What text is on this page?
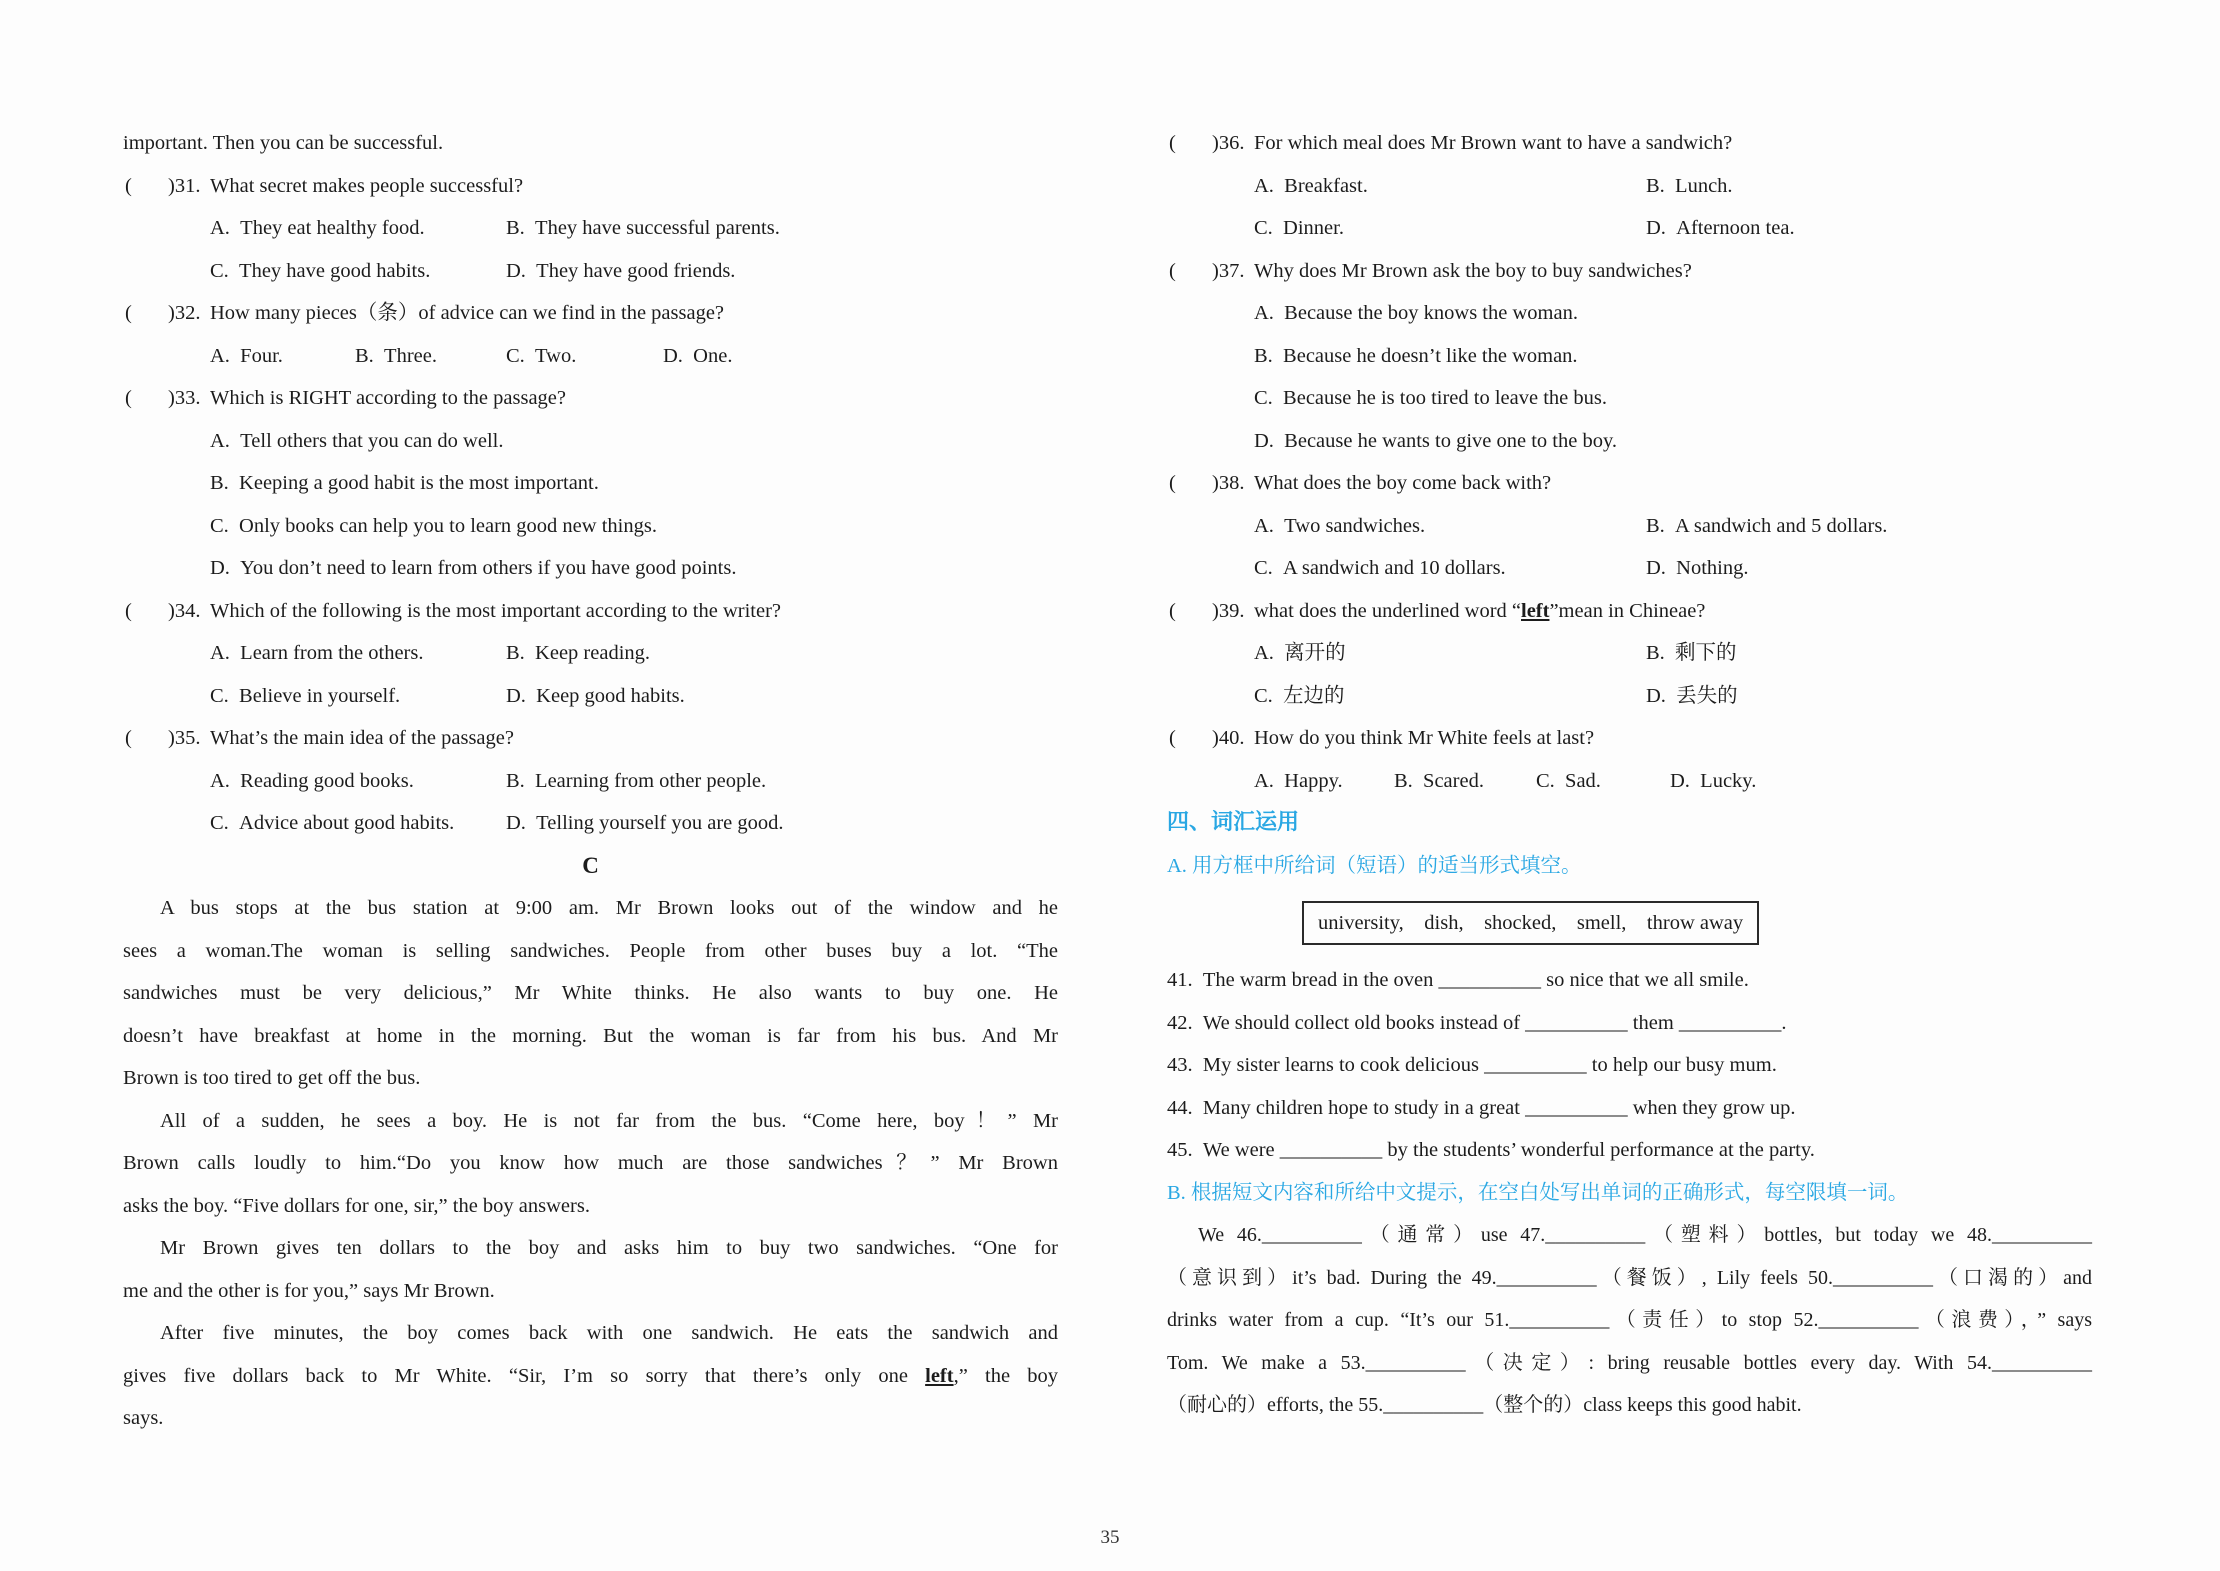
important. Then you can be successful.
(	)31. What secret makes people successful?
A. They eat healthy food.	B. They have successful parents.
C. They have good habits.	D. They have good friends.
(	)32. How many pieces（条）of advice can we find in the passage?
A. Four.	B. Three.	C. Two.	D. One.
(	)33. Which is RIGHT according to the passage?
A. Tell others that you can do well.
B. Keeping a good habit is the most important.
C. Only books can help you to learn good new things.
D. You don’t need to learn from others if you have good points.
(	)34. Which of the following is the most important according to the writer?
A. Learn from the others.	B. Keep reading.
C. Believe in yourself.	D. Keep good habits.
(	)35. What’s the main idea of the passage?
A. Reading good books.	B. Learning from other people.
C. Advice about good habits.	D. Telling yourself you are good.
C
A bus stops at the bus station at 9:00 am. Mr Brown looks out of the window and he
sees a woman.The woman is selling sandwiches. People from other buses buy a lot. “The
sandwiches must be very delicious,” Mr White thinks. He also wants to buy one. He
doesn’t have breakfast at home in the morning. But the woman is far from his bus. And Mr
Brown is too tired to get off the bus.
All of a sudden, he sees a boy. He is not far from the bus. “Come here, boy！” Mr
Brown calls loudly to him.“Do you know how much are those sandwiches？” Mr Brown
asks the boy. “Five dollars for one, sir,” the boy answers.
Mr Brown gives ten dollars to the boy and asks him to buy two sandwiches. “One for
me and the other is for you,” says Mr Brown.
After five minutes, the boy comes back with one sandwich. He eats the sandwich and
gives five dollars back to Mr White. “Sir, I’m so sorry that there’s only one left,” the boy
says.
(	)36. For which meal does Mr Brown want to have a sandwich?
A. Breakfast.	B. Lunch.
C. Dinner.	D. Afternoon tea.
(	)37. Why does Mr Brown ask the boy to buy sandwiches?
A. Because the boy knows the woman.
B. Because he doesn’t like the woman.
C. Because he is too tired to leave the bus.
D. Because he wants to give one to the boy.
(	)38. What does the boy come back with?
A. Two sandwiches.	B. A sandwich and 5 dollars.
C. A sandwich and 10 dollars.	D. Nothing.
(	)39. what does the underlined word “left”mean in Chineae?
A. 离开的	B. 剩下的
C. 左边的	D. 丢失的
(	)40. How do you think Mr White feels at last?
A. Happy.	B. Scared.	C. Sad.	D. Lucky.
四、词汇运用
A. 用方框中所给词（短语）的适当形式填空。
university, dish, shocked, smell, throw away
41. The warm bread in the oven __________ so nice that we all smile.
42. We should collect old books instead of __________ them __________.
43. My sister learns to cook delicious __________ to help our busy mum.
44. Many children hope to study in a great __________ when they grow up.
45. We were __________ by the students’ wonderful performance at the party.
B. 根据短文内容和所给中文提示，在空白处写出单词的正确形式，每空限填一词。
We 46.__________（通常）use 47.__________（塑料）bottles, but today we 48.__________
（意识到）it’s bad. During the 49.__________（餐饭）, Lily feels 50.__________（口渴的）and
drinks water from a cup. “It’s our 51.__________（责任）to stop 52.__________（浪费），” says
Tom. We make a 53.__________（决定）: bring reusable bottles every day. With 54.__________
（耐心的）efforts, the 55.__________（整个的）class keeps this good habit.
35
